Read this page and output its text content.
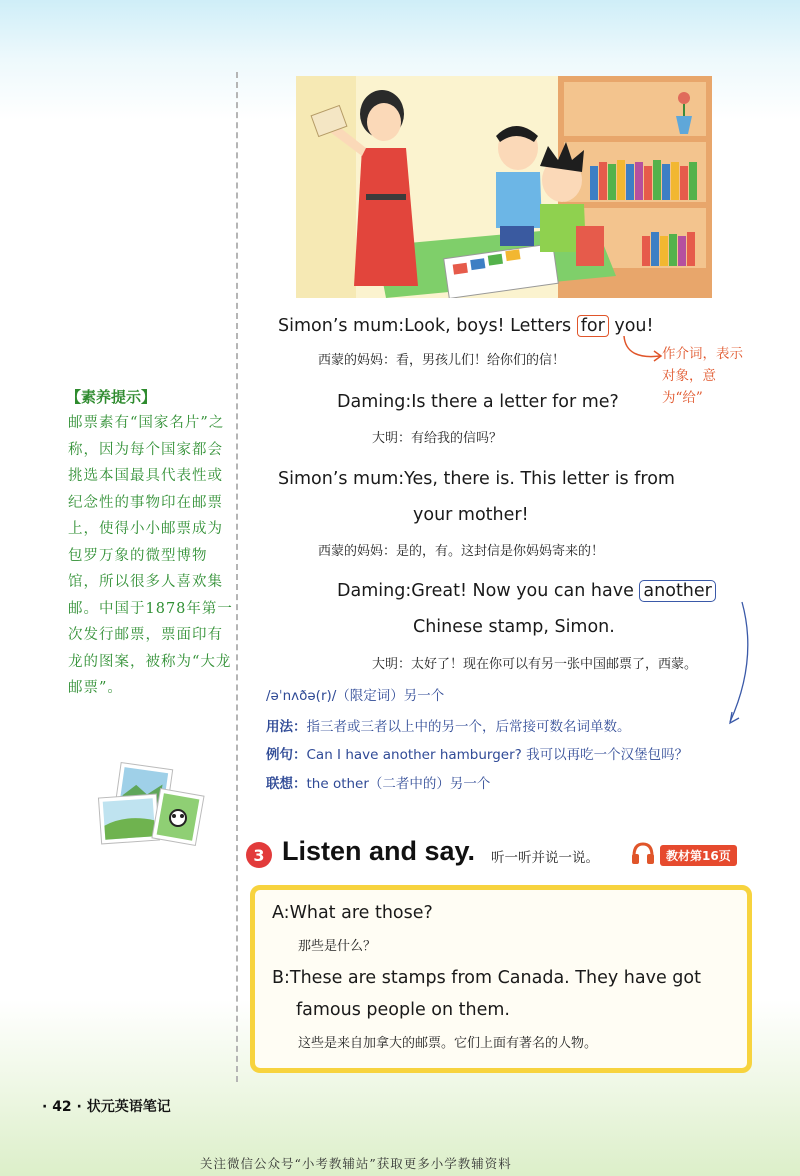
Simon’s mum:Look, boys! Letters for you!
西蒙的妈妈：看，男孩儿们！给你们的信！	作介词，表示对象，意为“给”
Daming:Is there a letter for me?
大明：有给我的信吗？
Simon’s mum:Yes, there is. This letter is from
your mother!
西蒙的妈妈：是的，有。这封信是你妈妈寄来的！
Daming:Great! Now you can have another
Chinese stamp, Simon.
大明：太好了！现在你可以有另一张中国邮票了，西蒙。
/əˈnʌðə(r)/（限定词）另一个
用法：指三者或三者以上中的另一个，后常接可数名词单数。
例句：Can I have another hamburger? 我可以再吃一个汉堡包吗？
联想：the other（二者中的）另一个
【素养提示】
邮票素有“国家名片”之称，因为每个国家都会挑选本国最具代表性或纪念性的事物印在邮票上，使得小小邮票成为包罗万象的微型博物馆，所以很多人喜欢集邮。中国于1878年第一次发行邮票，票面印有龙的图案，被称为“大龙邮票”。
3 Listen and say. 听一听并说一说。	教材第16页
A:What are those?
那些是什么？
B:These are stamps from Canada. They have got
famous people on them.
这些是来自加拿大的邮票。它们上面有著名的人物。
· 42 · 状元英语笔记
关注微信公众号“小考教辅站”获取更多小学教辅资料
